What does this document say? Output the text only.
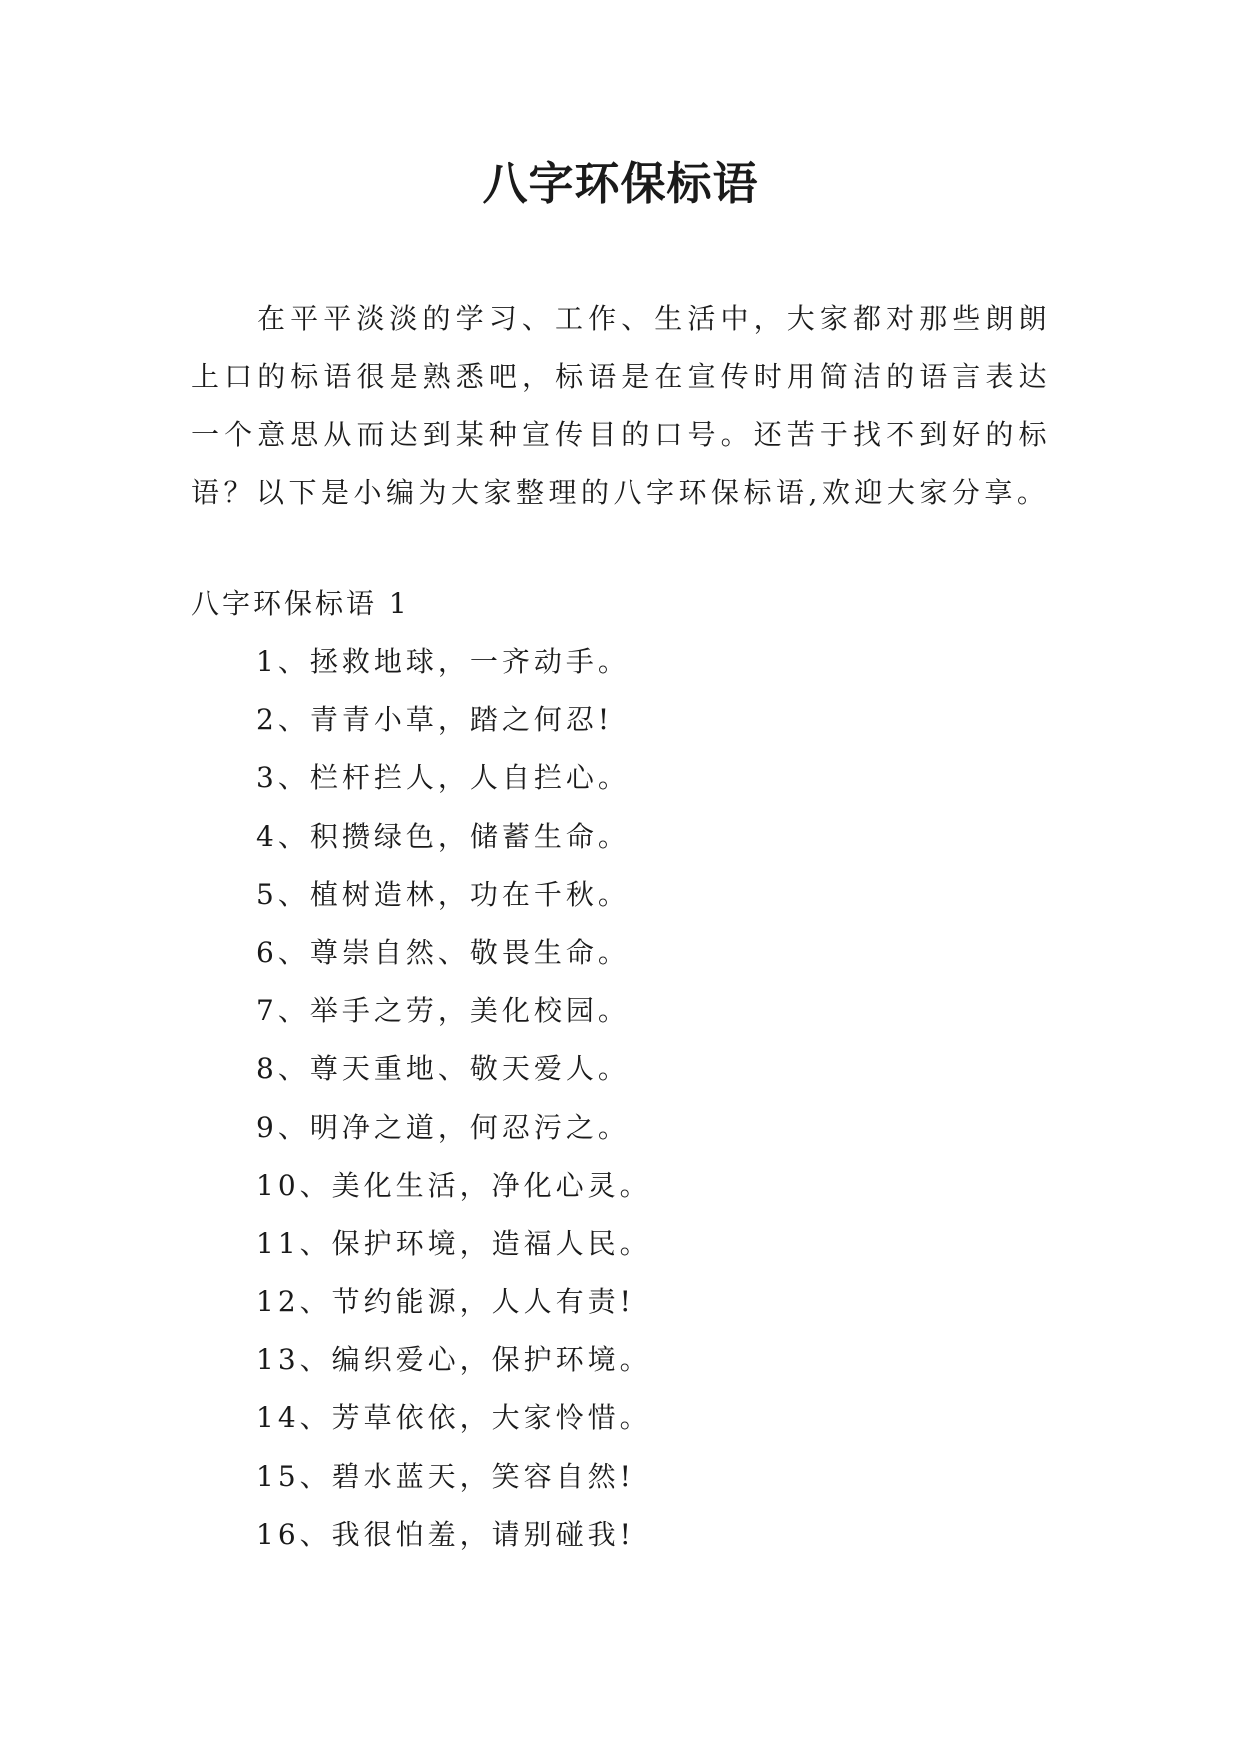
八字环保标语

在平平淡淡的学习、工作、生活中，大家都对那些朗朗上口的标语很是熟悉吧，标语是在宣传时用简洁的语言表达一个意思从而达到某种宣传目的口号。还苦于找不到好的标语？以下是小编为大家整理的八字环保标语,欢迎大家分享。

八字环保标语 1
1、拯救地球，一齐动手。
2、青青小草，踏之何忍!
3、栏杆拦人，人自拦心。
4、积攒绿色，储蓄生命。
5、植树造林，功在千秋。
6、尊崇自然、敬畏生命。
7、举手之劳，美化校园。
8、尊天重地、敬天爱人。
9、明净之道，何忍污之。
10、美化生活，净化心灵。
11、保护环境，造福人民。
12、节约能源，人人有责!
13、编织爱心，保护环境。
14、芳草依依，大家怜惜。
15、碧水蓝天，笑容自然!
16、我很怕羞，请别碰我!
